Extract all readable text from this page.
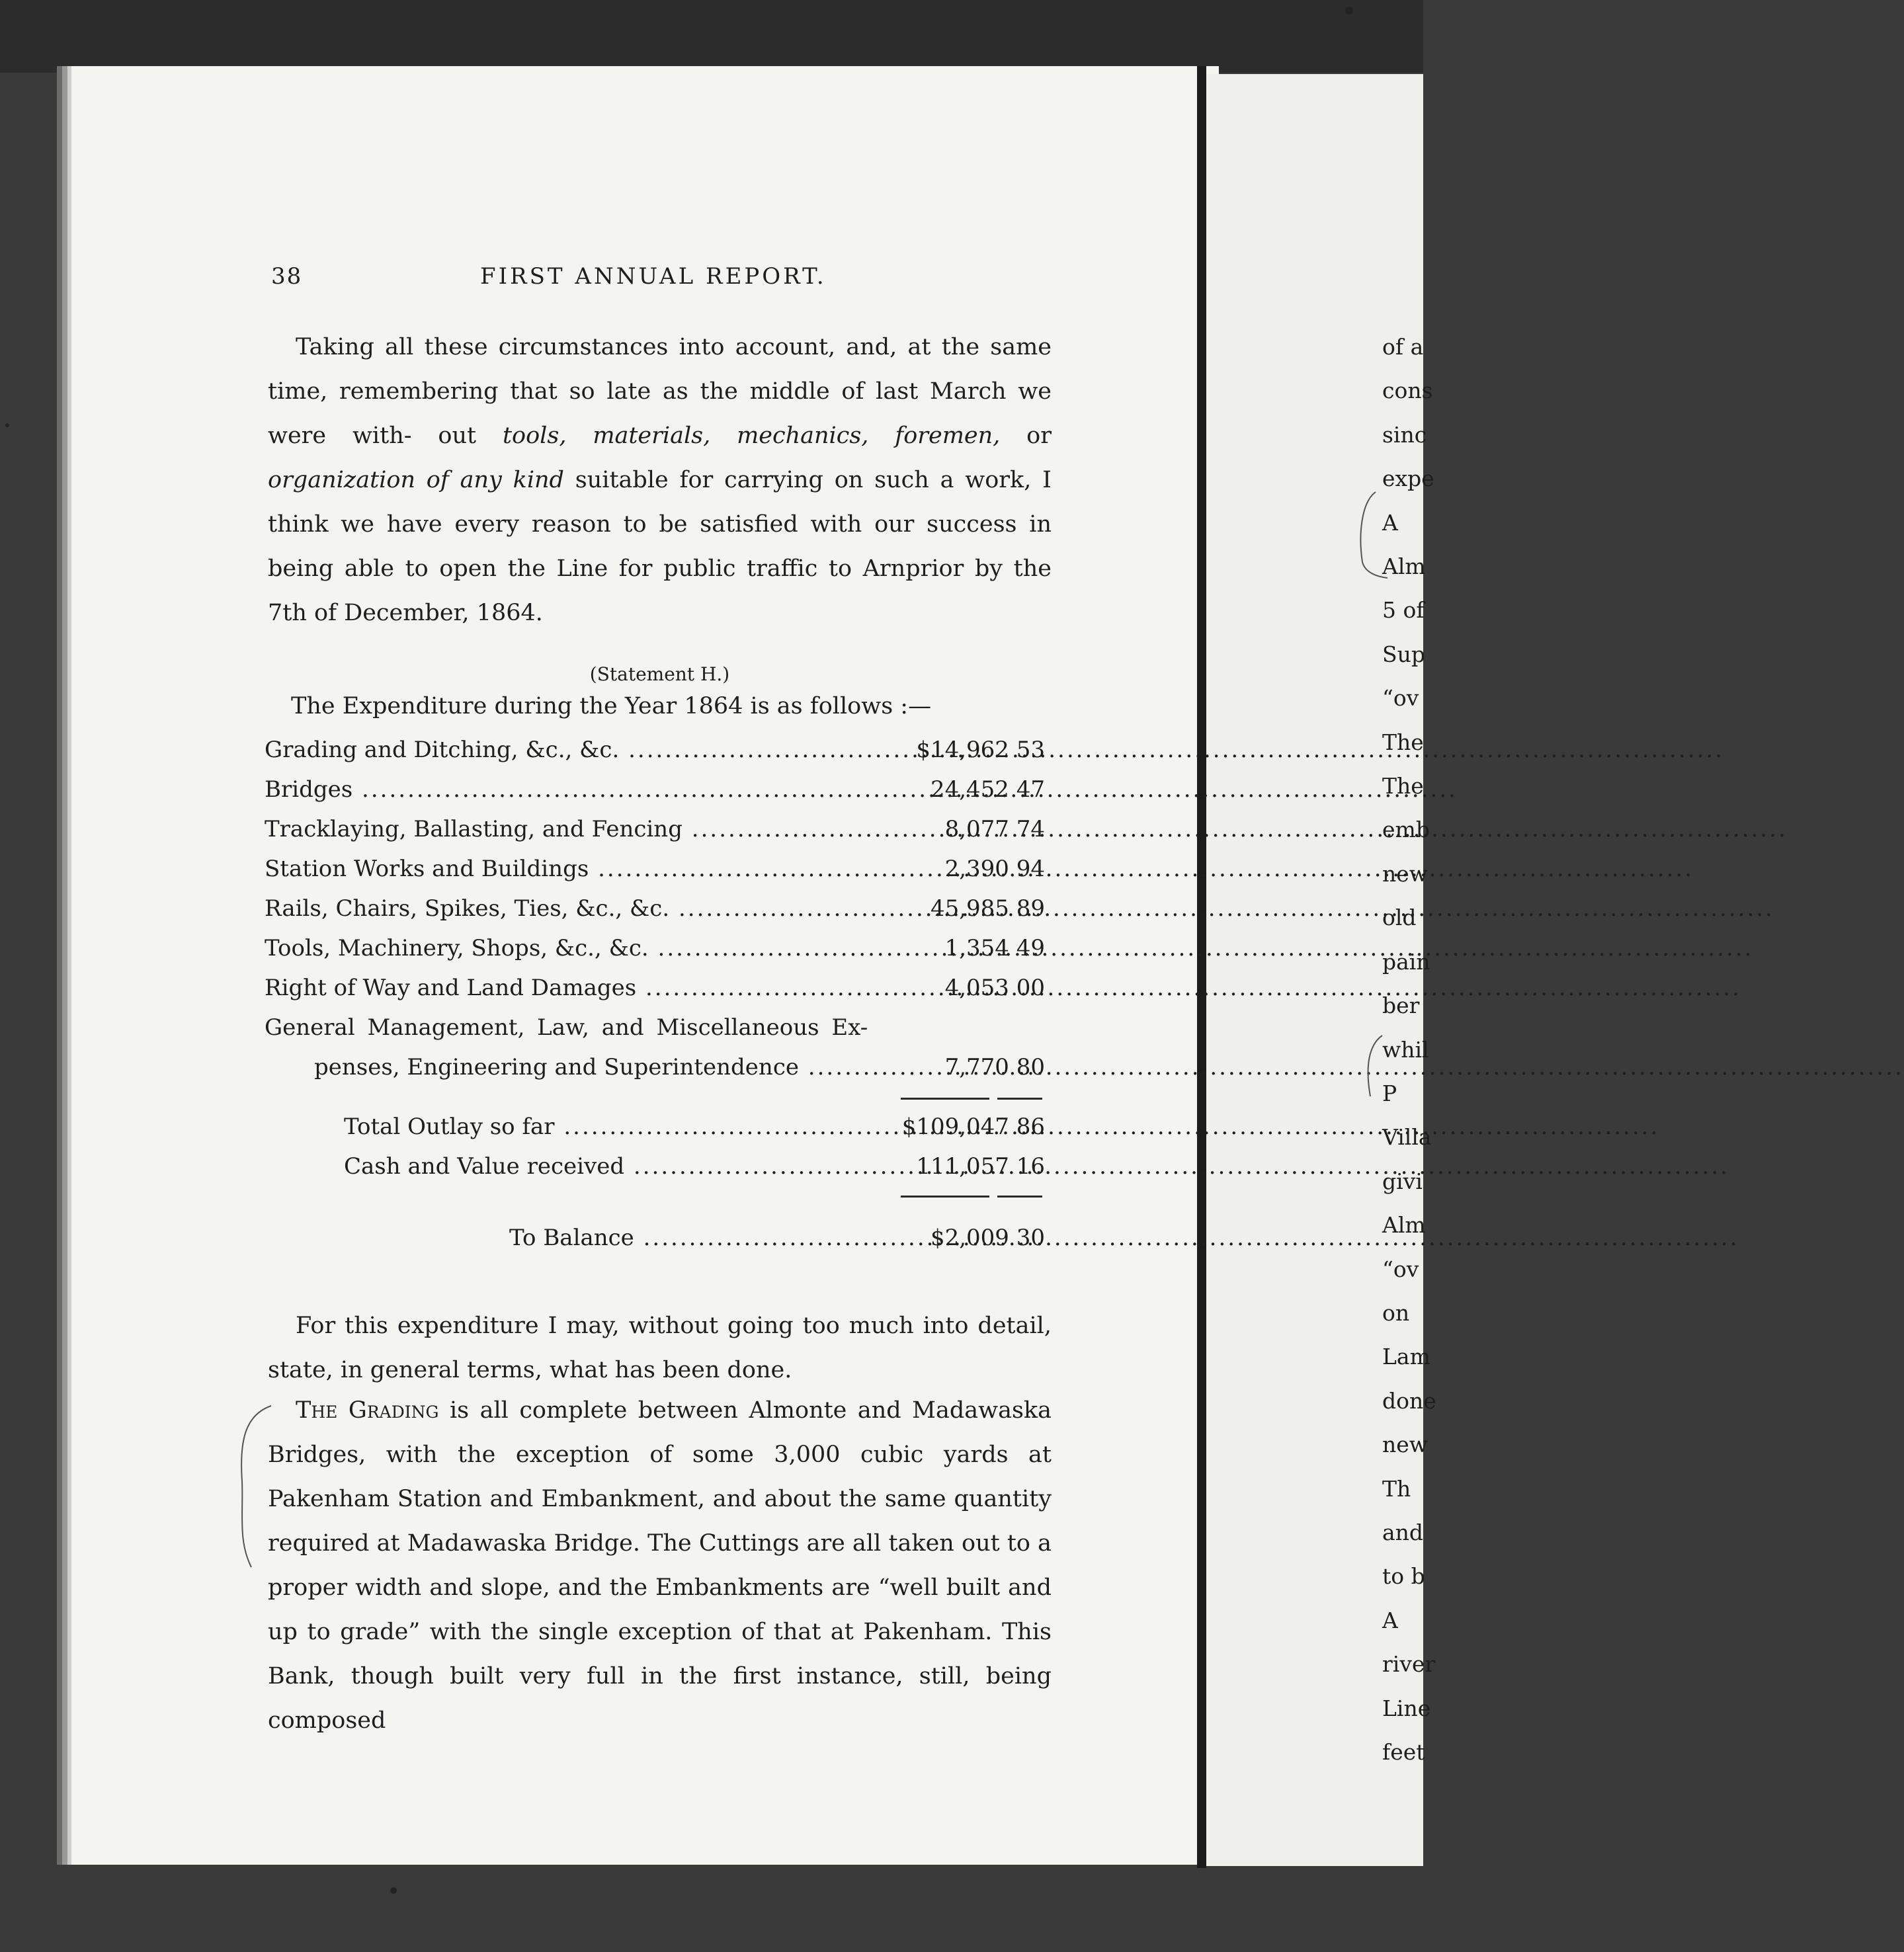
38	FIRST ANNUAL REPORT.
Taking all these circumstances into account, and, at the same time, remembering that so late as the middle of last March we were with- out tools, materials, mechanics, foremen, or organization of any kind suitable for carrying on such a work, I think we have every reason to be satisfied with our success in being able to open the Line for public traffic to Arnprior by the 7th of December, 1864.
(Statement H.)
The Expenditure during the Year 1864 is as follows :—
Grading and Ditching, &c., &c. .....	$14,962 53
Bridges .....	24,452 47
Tracklaying, Ballasting, and Fencing .....	8,077 74
Station Works and Buildings .....	2,390 94
Rails, Chairs, Spikes, Ties, &c., &c. .....	45,985 89
Tools, Machinery, Shops, &c., &c. .....	1,354 49
Right of Way and Land Damages .....	4,053 00
General Management, Law, and Miscellaneous Ex-
penses, Engineering and Superintendence .....	7,770 80
Total Outlay so far .....	$109,047 86
Cash and Value received .....	111,057 16
To Balance .....	$2,009 30
For this expenditure I may, without going too much into detail, state, in general terms, what has been done.
The Grading is all complete between Almonte and Madawaska Bridges, with the exception of some 3,000 cubic yards at Pakenham Station and Embankment, and about the same quantity required at Madawaska Bridge. The Cuttings are all taken out to a proper width and slope, and the Embankments are “well built and up to grade” with the single exception of that at Pakenham. This Bank, though built very full in the first instance, still, being composed
of a
cons
sinc
expe
A
Alm
5 of
Sup
“ov
The
The
emb
new
old
pain
ber
whil
P
Villa
givi
Alm
“ov
on
Lam
done
new
Th
and
to b
A
river
Line
feet
